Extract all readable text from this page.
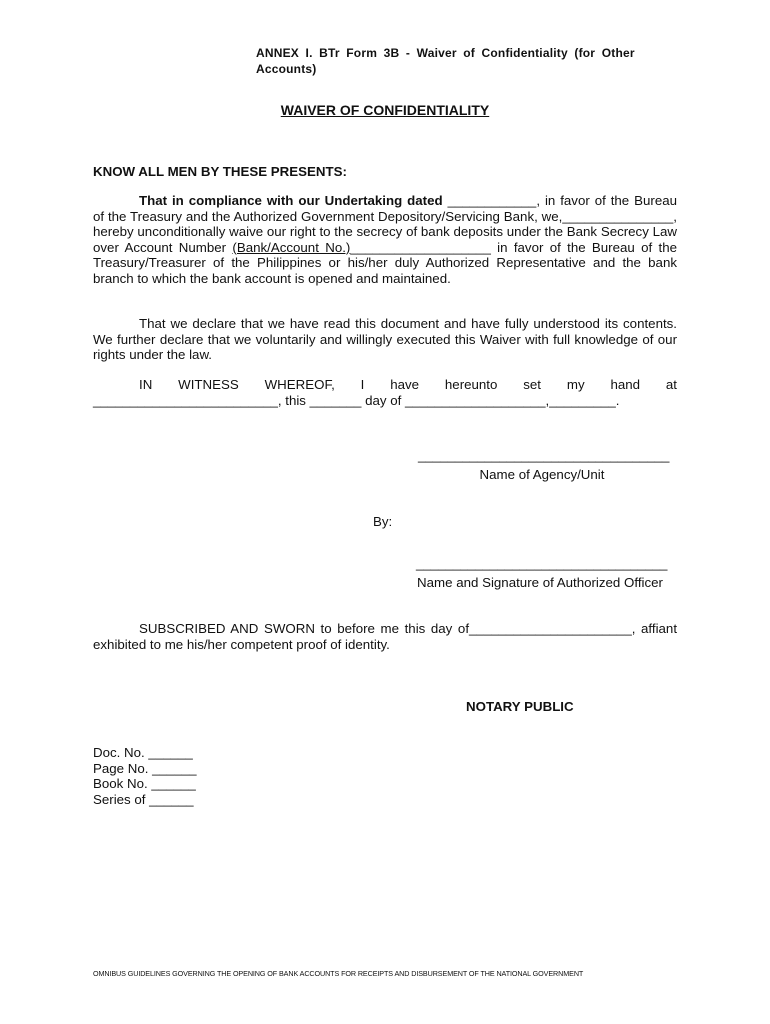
ANNEX I. BTr Form 3B - Waiver of Confidentiality (for Other
Accounts)
WAIVER OF CONFIDENTIALITY
KNOW ALL MEN BY THESE PRESENTS:
That in compliance with our Undertaking dated ____________, in favor of the Bureau of the Treasury and the Authorized Government Depository/Servicing Bank, we,_______________, hereby unconditionally waive our right to the secrecy of bank deposits under the Bank Secrecy Law over Account Number (Bank/Account No.)___________________ in favor of the Bureau of the Treasury/Treasurer of the Philippines or his/her duly Authorized Representative and the bank branch to which the bank account is opened and maintained.
That we declare that we have read this document and have fully understood its contents. We further declare that we voluntarily and willingly executed this Waiver with full knowledge of our rights under the law.
IN WITNESS WHEREOF, I have hereunto set my hand at
_________________________, this _______ day of ___________________,_________.
__________________________________
Name of Agency/Unit
By:
__________________________________
Name and Signature of Authorized Officer
SUBSCRIBED AND SWORN to before me this day of______________________, affiant exhibited to me his/her competent proof of identity.
NOTARY PUBLIC
Doc. No. ______
Page No. ______
Book No. ______
Series of ______
OMNIBUS GUIDELINES GOVERNING THE OPENING OF BANK ACCOUNTS FOR RECEIPTS AND DISBURSEMENT OF THE NATIONAL GOVERNMENT
